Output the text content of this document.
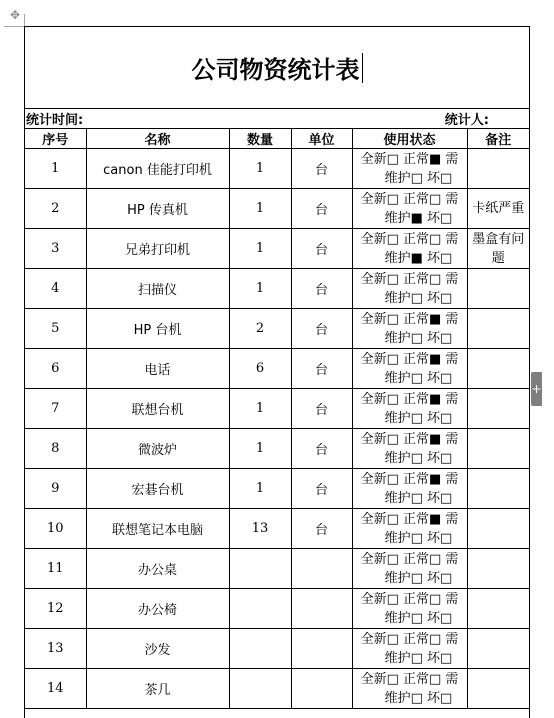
✥
公司物资统计表
统计时间:	统计人:
序号	名称	数量	单位	使用状态	备注
1	canon 佳能打印机	1	台	全新□ 正常■ 需
维护□ 坏□	

2	HP 传真机	1	台	全新□ 正常□ 需
维护■ 坏□	卡纸严重
3	兄弟打印机	1	台	全新□ 正常□ 需
维护■ 坏□	墨盒有问题
4	扫描仪	1	台	全新□ 正常□ 需
维护□ 坏□	

5	HP 台机	2	台	全新□ 正常■ 需
维护□ 坏□	

6	电话	6	台	全新□ 正常■ 需
维护□ 坏□	

7	联想台机	1	台	全新□ 正常■ 需
维护□ 坏□	

8	微波炉	1	台	全新□ 正常■ 需
维护□ 坏□	

9	宏碁台机	1	台	全新□ 正常■ 需
维护□ 坏□	

10	联想笔记本电脑	13	台	全新□ 正常■ 需
维护□ 坏□	

11	办公桌			全新□ 正常□ 需
维护□ 坏□	

12	办公椅			全新□ 正常□ 需
维护□ 坏□	

13	沙发			全新□ 正常□ 需
维护□ 坏□	

14	茶几			全新□ 正常□ 需
维护□ 坏□	

+
